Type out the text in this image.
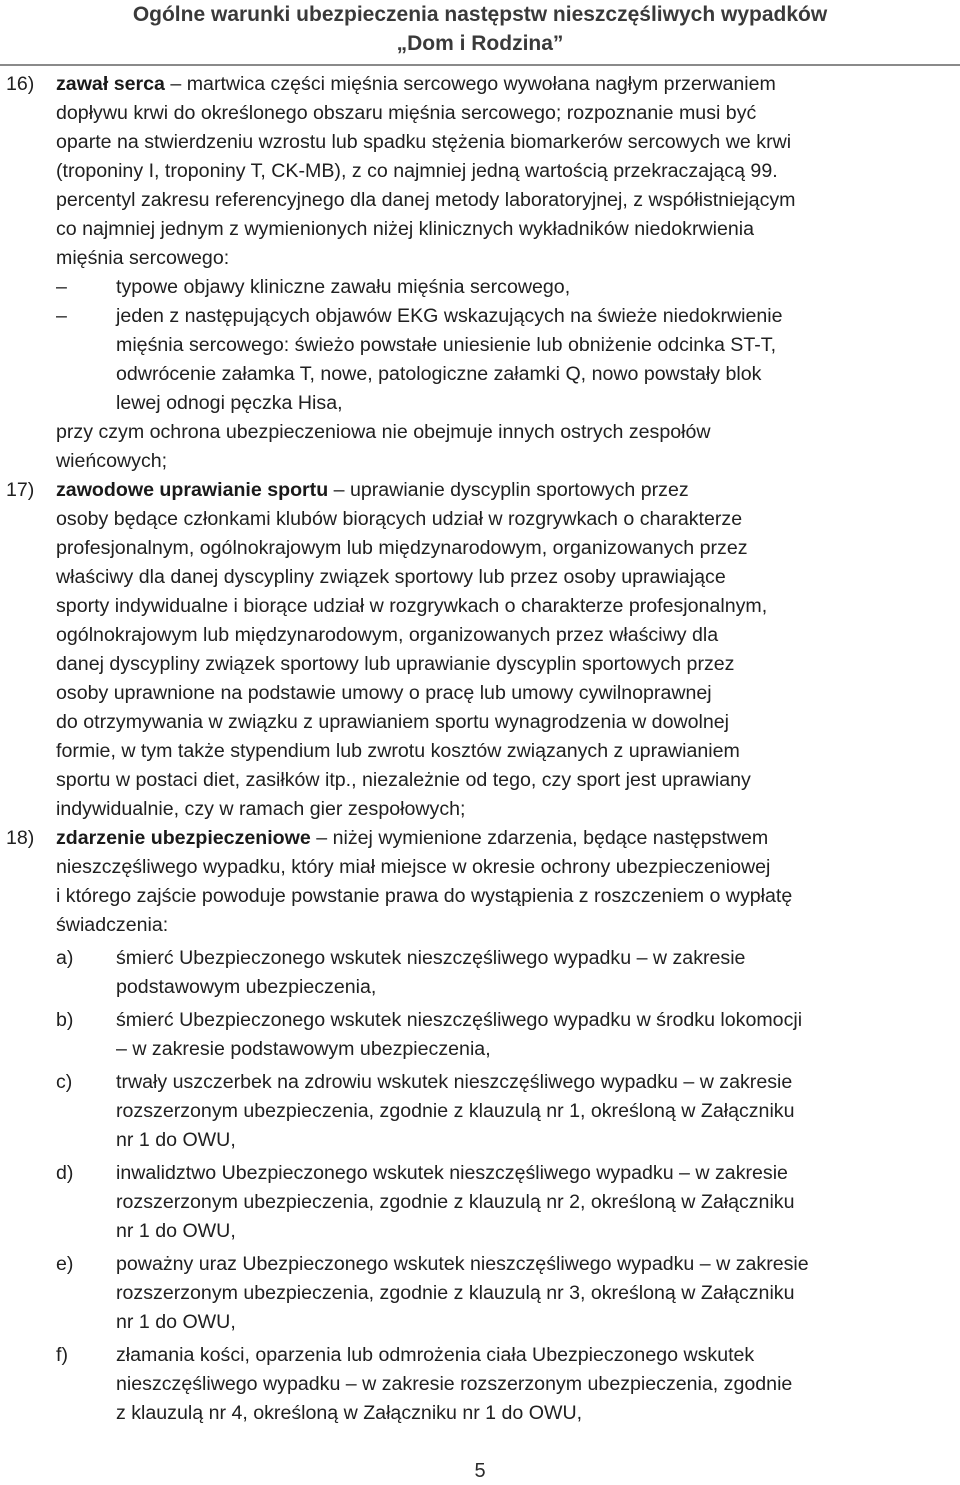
Ogólne warunki ubezpieczenia następstw nieszczęśliwych wypadków
„Dom i Rodzina”
16) zawał serca – martwica części mięśnia sercowego wywołana nagłym przerwaniem
dopływu krwi do określonego obszaru mięśnia sercowego; rozpoznanie musi być
oparte na stwierdzeniu wzrostu lub spadku stężenia biomarkerów sercowych we krwi
(troponiny I, troponiny T, CK-MB), z co najmniej jedną wartością przekraczającą 99.
percentyl zakresu referencyjnego dla danej metody laboratoryjnej, z współistniejącym
co najmniej jednym z wymienionych niżej klinicznych wykładników niedokrwienia
mięśnia sercowego:
–	typowe objawy kliniczne zawału mięśnia sercowego,
–	jeden z następujących objawów EKG wskazujących na świeże niedokrwienie
mięśnia sercowego: świeżo powstałe uniesienie lub obniżenie odcinka ST-T,
odwrócenie załamka T, nowe, patologiczne załamki Q, nowo powstały blok
lewej odnogi pęczka Hisa,
przy czym ochrona ubezpieczeniowa nie obejmuje innych ostrych zespołów
wieńcowych;
17) zawodowe uprawianie sportu – uprawianie dyscyplin sportowych przez
osoby będące członkami klubów biorących udział w rozgrywkach o charakterze
profesjonalnym, ogólnokrajowym lub międzynarodowym, organizowanych przez
właściwy dla danej dyscypliny związek sportowy lub przez osoby uprawiające
sporty indywidualne i biorące udział w rozgrywkach o charakterze profesjonalnym,
ogólnokrajowym lub międzynarodowym, organizowanych przez właściwy dla
danej dyscypliny związek sportowy lub uprawianie dyscyplin sportowych przez
osoby uprawnione na podstawie umowy o pracę lub umowy cywilnoprawnej
do otrzymywania w związku z uprawianiem sportu wynagrodzenia w dowolnej
formie, w tym także stypendium lub zwrotu kosztów związanych z uprawianiem
sportu w postaci diet, zasiłków itp., niezależnie od tego, czy sport jest uprawiany
indywidualnie, czy w ramach gier zespołowych;
18) zdarzenie ubezpieczeniowe – niżej wymienione zdarzenia, będące następstwem
nieszczęśliwego wypadku, który miał miejsce w okresie ochrony ubezpieczeniowej
i którego zajście powoduje powstanie prawa do wystąpienia z roszczeniem o wypłatę
świadczenia:
a) śmierć Ubezpieczonego wskutek nieszczęśliwego wypadku – w zakresie
podstawowym ubezpieczenia,
b) śmierć Ubezpieczonego wskutek nieszczęśliwego wypadku w środku lokomocji
– w zakresie podstawowym ubezpieczenia,
c) trwały uszczerbek na zdrowiu wskutek nieszczęśliwego wypadku – w zakresie
rozszerzonym ubezpieczenia, zgodnie z klauzulą nr 1, określoną w Załączniku
nr 1 do OWU,
d) inwalidztwo Ubezpieczonego wskutek nieszczęśliwego wypadku – w zakresie
rozszerzonym ubezpieczenia, zgodnie z klauzulą nr 2, określoną w Załączniku
nr 1 do OWU,
e) poważny uraz Ubezpieczonego wskutek nieszczęśliwego wypadku – w zakresie
rozszerzonym ubezpieczenia, zgodnie z klauzulą nr 3, określoną w Załączniku
nr 1 do OWU,
f) złamania kości, oparzenia lub odmrożenia ciała Ubezpieczonego wskutek
nieszczęśliwego wypadku – w zakresie rozszerzonym ubezpieczenia, zgodnie
z klauzulą nr 4, określoną w Załączniku nr 1 do OWU,
5
